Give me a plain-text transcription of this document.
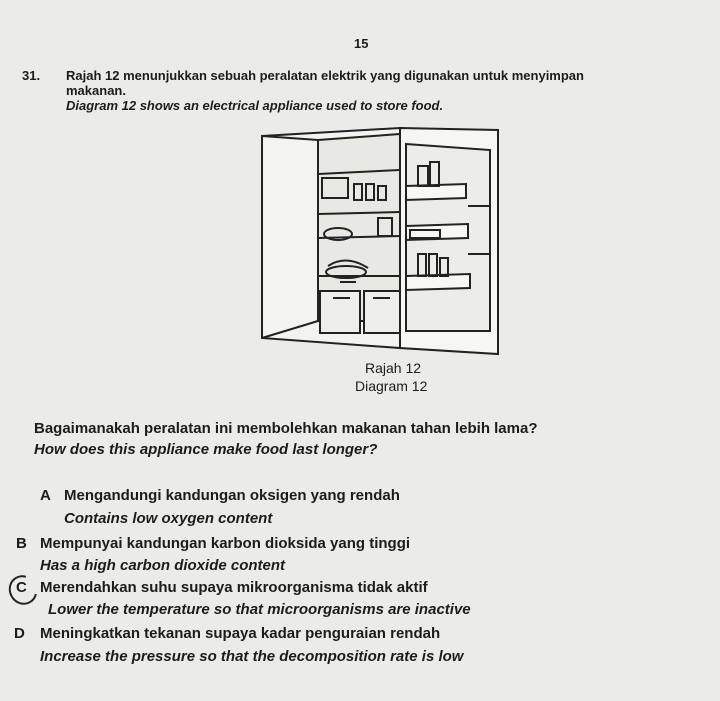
15
31. Rajah 12 menunjukkan sebuah peralatan elektrik yang digunakan untuk menyimpan
makanan.
Diagram 12 shows an electrical appliance used to store food.
Rajah 12
Diagram 12
Bagaimanakah peralatan ini membolehkan makanan tahan lebih lama?
How does this appliance make food last longer?
A Mengandungi kandungan oksigen yang rendah
Contains low oxygen content
B Mempunyai kandungan karbon dioksida yang tinggi
Has a high carbon dioxide content
C Merendahkan suhu supaya mikroorganisma tidak aktif
Lower the temperature so that microorganisms are inactive
D Meningkatkan tekanan supaya kadar penguraian rendah
Increase the pressure so that the decomposition rate is low
